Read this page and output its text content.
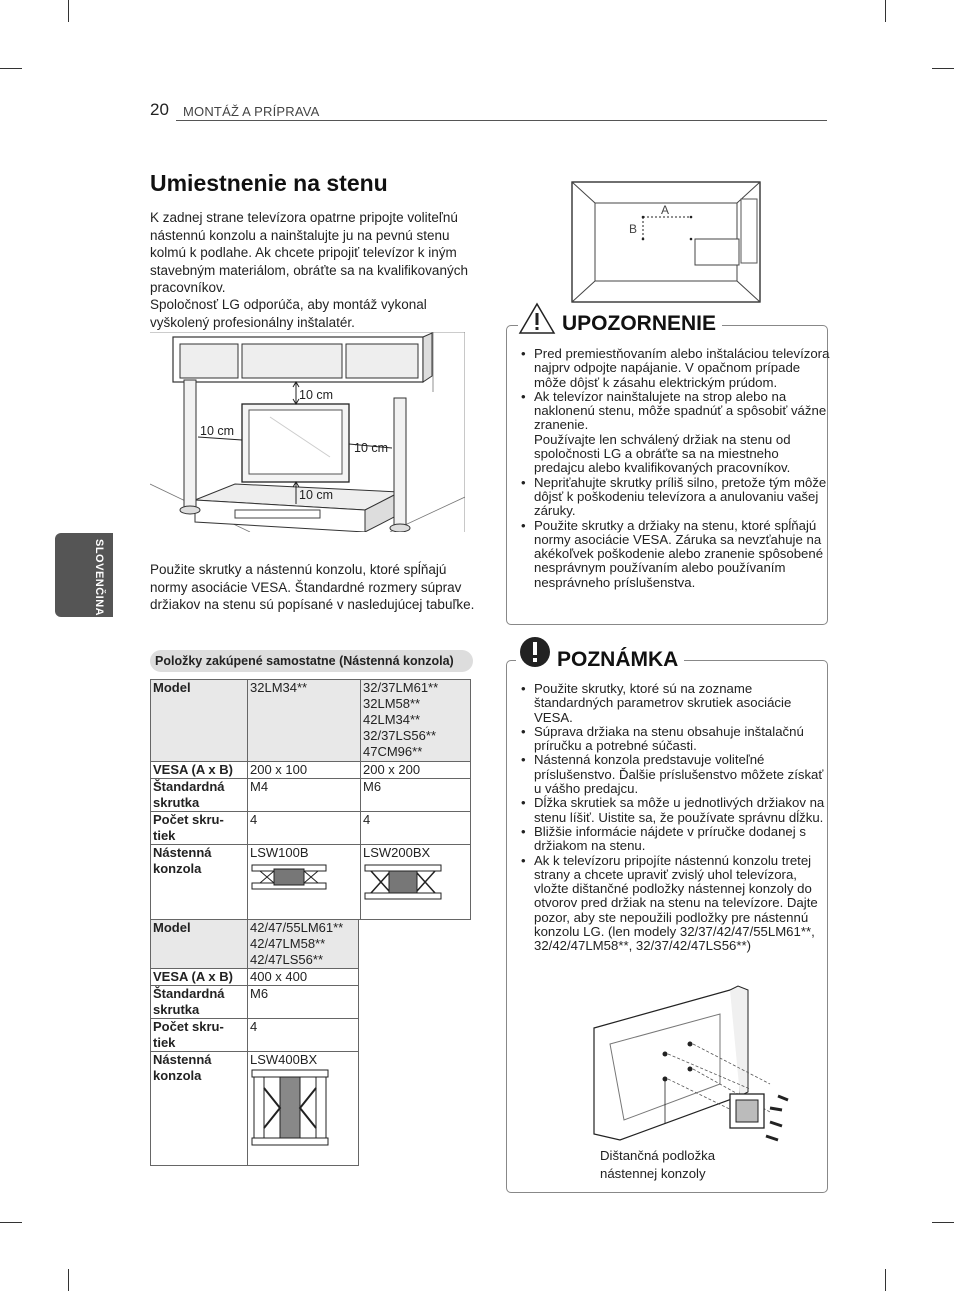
20 MONTÁŽ A PRÍPRAVA
SLOVENČINA
Umiestnenie na stenu

K zadnej strane televízora opatrne pripojte voliteľnú nástennú konzolu a nainštalujte ju na pevnú stenu kolmú k podlahe. Ak chcete pripojiť televízor k iným stavebným materiálom, obráťte sa na kvalifikovaných pracovníkov.

Spoločnosť LG odporúča, aby montáž vykonal vyškolený profesionálny inštalatér.

10 cm
10 cm
10 cm
10 cm

Použite skrutky a nástennú konzolu, ktoré spĺňajú normy asociácie VESA. Štandardné rozmery súprav držiakov na stenu sú popísané v nasledujúcej tabuľke.

Položky zakúpené samostatne (Nástenná konzola)
Model	32LM34**	32/37LM61**
32LM58**
42LM34**
32/37LS56**
47CM96**
VESA (A x B)	200 x 100	200 x 200
Štandardná skrutka	M4	M6
Počet skru-tiek	4	4
Nástenná konzola	LSW100B	LSW200BX
Model	42/47/55LM61**
42/47LM58**
42/47LS56**
VESA (A x B)	400 x 400
Štandardná skrutka	M6
Počet skru-tiek	4
Nástenná konzola	LSW400BX
A
B
UPOZORNENIE
• Pred premiestňovaním alebo inštaláciou televízora najprv odpojte napájanie. V opačnom prípade môže dôjsť k zásahu elektrickým prúdom.
• Ak televízor nainštalujete na strop alebo na naklonenú stenu, môže spadnúť a spôsobiť vážne zranenie.
Používajte len schválený držiak na stenu od spoločnosti LG a obráťte sa na miestneho predajcu alebo kvalifikovaných pracovníkov.
• Nepriťahujte skrutky príliš silno, pretože tým môže dôjsť k poškodeniu televízora a anulovaniu vašej záruky.
• Použite skrutky a držiaky na stenu, ktoré spĺňajú normy asociácie VESA. Záruka sa nevzťahuje na akékoľvek poškodenie alebo zranenie spôsobené nesprávnym používaním alebo používaním nesprávneho príslušenstva.
POZNÁMKA
• Použite skrutky, ktoré sú na zozname štandardných parametrov skrutiek asociácie VESA.
• Súprava držiaka na stenu obsahuje inštalačnú príručku a potrebné súčasti.
• Nástenná konzola predstavuje voliteľné príslušenstvo. Ďalšie príslušenstvo môžete získať u vášho predajcu.
• Dĺžka skrutiek sa môže u jednotlivých držiakov na stenu líšiť. Uistite sa, že používate správnu dĺžku.
• Bližšie informácie nájdete v príručke dodanej s držiakom na stenu.
• Ak k televízoru pripojíte nástennú konzolu tretej strany a chcete upraviť zvislý uhol televízora, vložte dištančné podložky nástennej konzoly do otvorov pred držiak na stenu na televízore. Dajte pozor, aby ste nepoužili podložky pre nástennú konzolu LG. (len modely 32/37/42/47/55LM61**, 32/42/47LM58**, 32/37/42/47LS56**)
Dištančná podložka
nástennej konzoly
